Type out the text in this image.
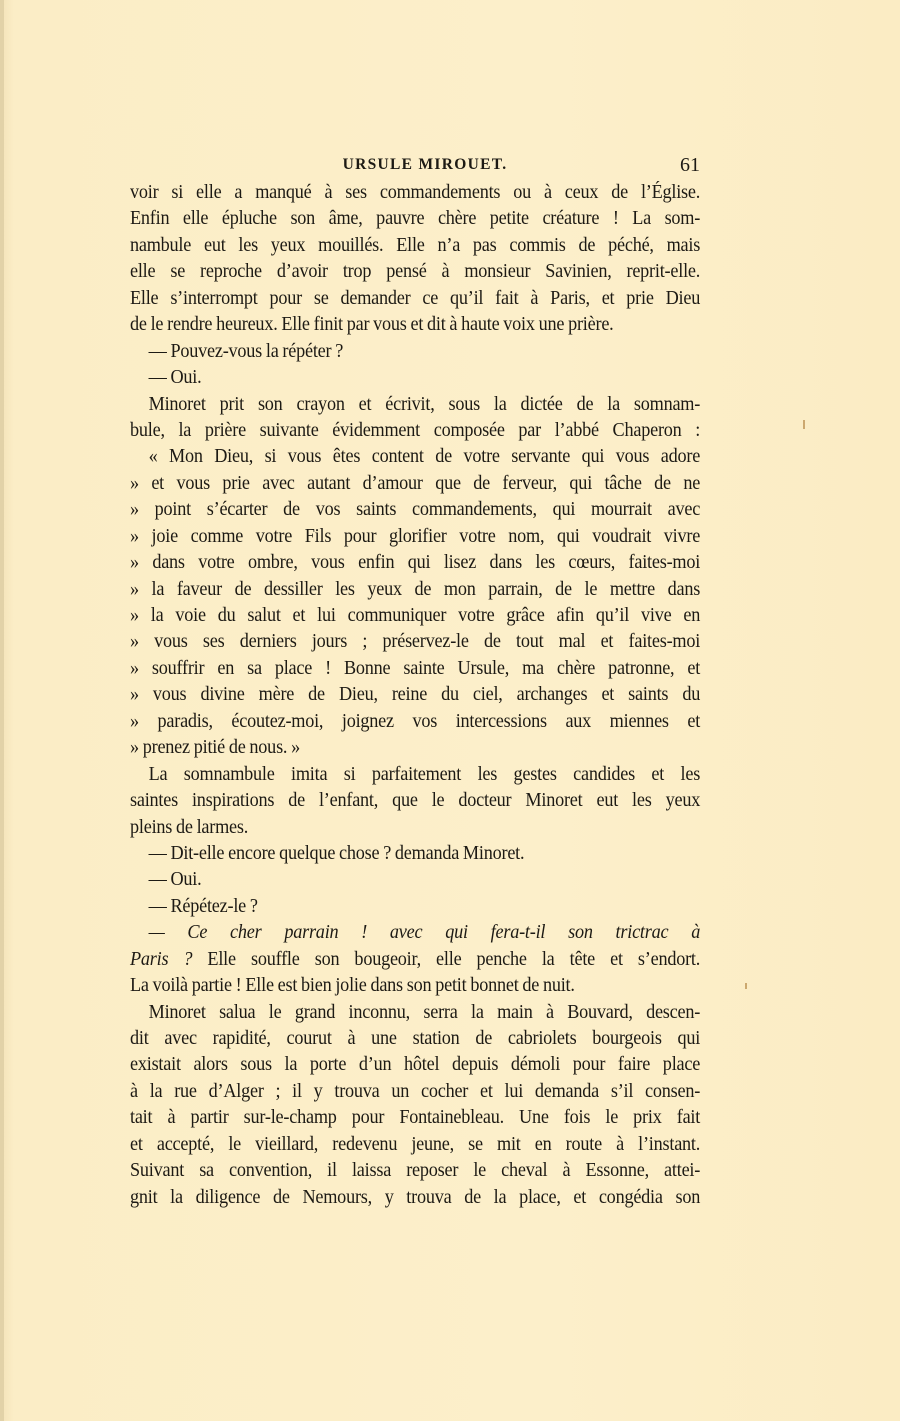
URSULE MIROUET.	61
voir si elle a manqué à ses commandements ou à ceux de l’Église.
Enfin elle épluche son âme, pauvre chère petite créature ! La som-
nambule eut les yeux mouillés. Elle n’a pas commis de péché, mais
elle se reproche d’avoir trop pensé à monsieur Savinien, reprit-elle.
Elle s’interrompt pour se demander ce qu’il fait à Paris, et prie Dieu
de le rendre heureux. Elle finit par vous et dit à haute voix une prière.
— Pouvez-vous la répéter ?
— Oui.
Minoret prit son crayon et écrivit, sous la dictée de la somnam-
bule, la prière suivante évidemment composée par l’abbé Chaperon :
« Mon Dieu, si vous êtes content de votre servante qui vous adore
» et vous prie avec autant d’amour que de ferveur, qui tâche de ne
» point s’écarter de vos saints commandements, qui mourrait avec
» joie comme votre Fils pour glorifier votre nom, qui voudrait vivre
» dans votre ombre, vous enfin qui lisez dans les cœurs, faites-moi
» la faveur de dessiller les yeux de mon parrain, de le mettre dans
» la voie du salut et lui communiquer votre grâce afin qu’il vive en
» vous ses derniers jours ; préservez-le de tout mal et faites-moi
» souffrir en sa place ! Bonne sainte Ursule, ma chère patronne, et
» vous divine mère de Dieu, reine du ciel, archanges et saints du
» paradis, écoutez-moi, joignez vos intercessions aux miennes et
» prenez pitié de nous. »
La somnambule imita si parfaitement les gestes candides et les
saintes inspirations de l’enfant, que le docteur Minoret eut les yeux
pleins de larmes.
— Dit-elle encore quelque chose ? demanda Minoret.
— Oui.
— Répétez-le ?
— Ce cher parrain ! avec qui fera-t-il son trictrac à
Paris ? Elle souffle son bougeoir, elle penche la tête et s’endort.
La voilà partie ! Elle est bien jolie dans son petit bonnet de nuit.
Minoret salua le grand inconnu, serra la main à Bouvard, descen-
dit avec rapidité, courut à une station de cabriolets bourgeois qui
existait alors sous la porte d’un hôtel depuis démoli pour faire place
à la rue d’Alger ; il y trouva un cocher et lui demanda s’il consen-
tait à partir sur-le-champ pour Fontainebleau. Une fois le prix fait
et accepté, le vieillard, redevenu jeune, se mit en route à l’instant.
Suivant sa convention, il laissa reposer le cheval à Essonne, attei-
gnit la diligence de Nemours, y trouva de la place, et congédia son
